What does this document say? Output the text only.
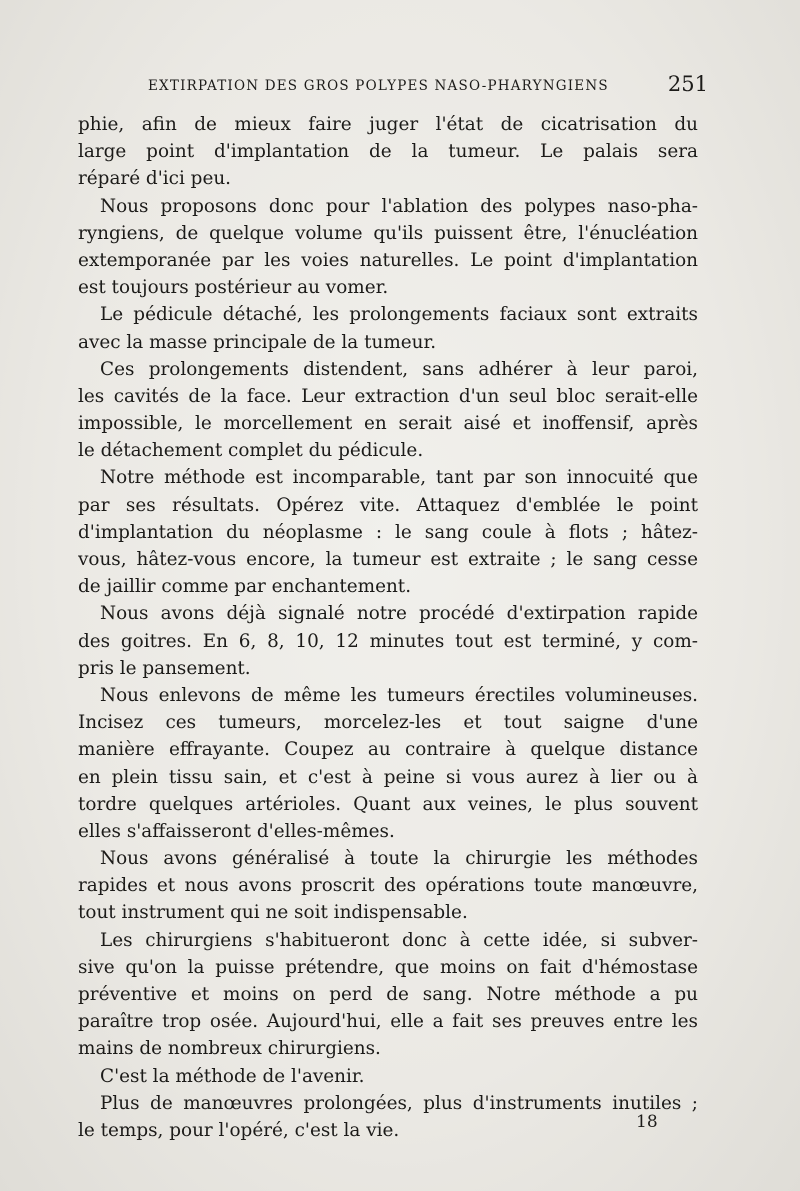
EXTIRPATION DES GROS POLYPES NASO-PHARYNGIENS	251
phie, afin de mieux faire juger l'état de cicatrisation du
large point d'implantation de la tumeur. Le palais sera
réparé d'ici peu.
Nous proposons donc pour l'ablation des polypes naso-pha-
ryngiens, de quelque volume qu'ils puissent être, l'énucléation
extemporanée par les voies naturelles. Le point d'implantation
est toujours postérieur au vomer.
Le pédicule détaché, les prolongements faciaux sont extraits
avec la masse principale de la tumeur.
Ces prolongements distendent, sans adhérer à leur paroi,
les cavités de la face. Leur extraction d'un seul bloc serait-elle
impossible, le morcellement en serait aisé et inoffensif, après
le détachement complet du pédicule.
Notre méthode est incomparable, tant par son innocuité que
par ses résultats. Opérez vite. Attaquez d'emblée le point
d'implantation du néoplasme : le sang coule à flots ; hâtez-
vous, hâtez-vous encore, la tumeur est extraite ; le sang cesse
de jaillir comme par enchantement.
Nous avons déjà signalé notre procédé d'extirpation rapide
des goitres. En 6, 8, 10, 12 minutes tout est terminé, y com-
pris le pansement.
Nous enlevons de même les tumeurs érectiles volumineuses.
Incisez ces tumeurs, morcelez-les et tout saigne d'une
manière effrayante. Coupez au contraire à quelque distance
en plein tissu sain, et c'est à peine si vous aurez à lier ou à
tordre quelques artérioles. Quant aux veines, le plus souvent
elles s'affaisseront d'elles-mêmes.
Nous avons généralisé à toute la chirurgie les méthodes
rapides et nous avons proscrit des opérations toute manœuvre,
tout instrument qui ne soit indispensable.
Les chirurgiens s'habitueront donc à cette idée, si subver-
sive qu'on la puisse prétendre, que moins on fait d'hémostase
préventive et moins on perd de sang. Notre méthode a pu
paraître trop osée. Aujourd'hui, elle a fait ses preuves entre les
mains de nombreux chirurgiens.
C'est la méthode de l'avenir.
Plus de manœuvres prolongées, plus d'instruments inutiles ;
le temps, pour l'opéré, c'est la vie.	18
